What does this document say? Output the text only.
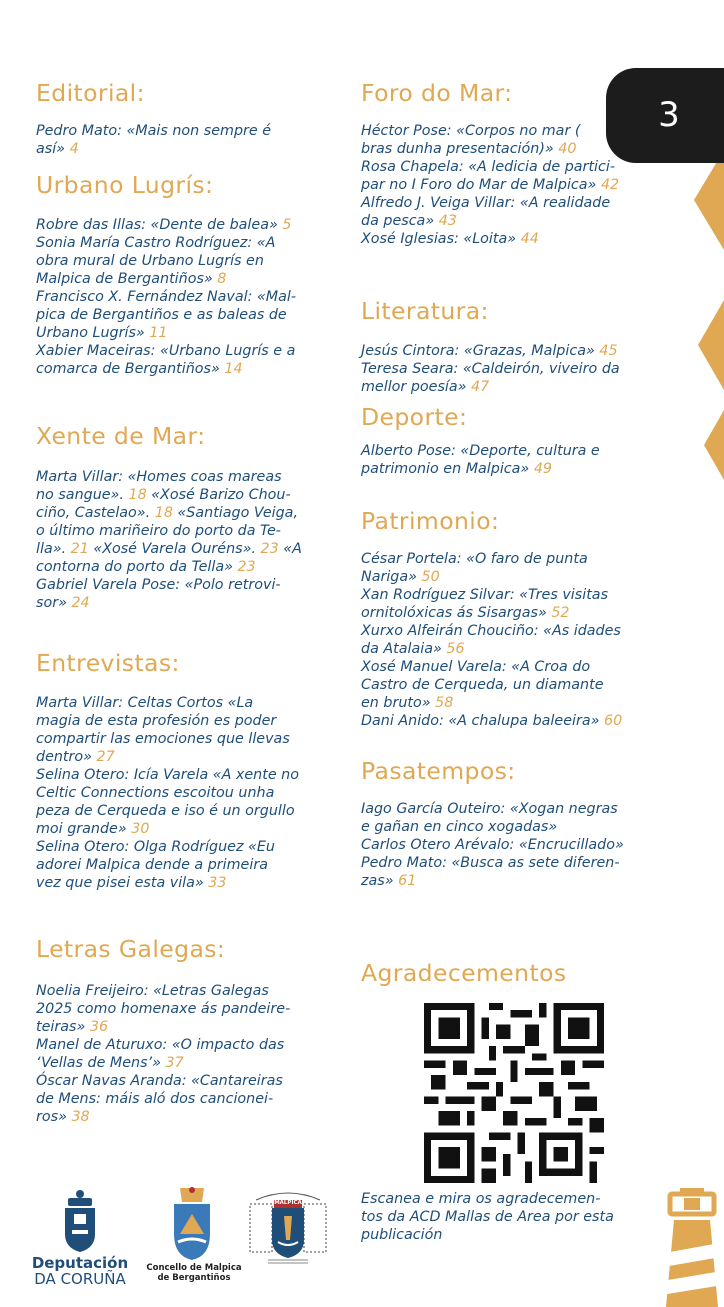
3
Editorial:

Pedro Mato: «Mais non sempre é
así» 4

Urbano Lugrís:

Robre das Illas: «Dente de balea» 5

Sonia María Castro Rodríguez: «A
obra mural de Urbano Lugrís en
Malpica de Bergantiños» 8

Francisco X. Fernández Naval: «Mal-
pica de Bergantiños e as baleas de
Urbano Lugrís» 11

Xabier Maceiras: «Urbano Lugrís e a
comarca de Bergantiños» 14

Xente de Mar:

Marta Villar: «Homes coas mareas

no sangue». 18 «Xosé Barizo Chou-

ciño, Castelao». 18 «Santiago Veiga,

o último mariñeiro do porto da Te-

lla». 21 «Xosé Varela Ouréns». 23 «A

contorna do porto da Tella» 23

Gabriel Varela Pose: «Polo retrovi-

sor» 24

Entrevistas:

Marta Villar: Celtas Cortos «La
magia de esta profesión es poder
compartir las emociones que llevas
dentro» 27

Selina Otero: Icía Varela «A xente no
Celtic Connections escoitou unha
peza de Cerqueda e iso é un orgullo
moi grande» 30

Selina Otero: Olga Rodríguez «Eu
adorei Malpica dende a primeira
vez que pisei esta vila» 33

Letras Galegas:

Noelia Freijeiro: «Letras Galegas
2025 como homenaxe ás pandeire-
teiras» 36

Manel de Aturuxo: «O impacto das
‘Vellas de Mens’» 37

Óscar Navas Aranda: «Cantareiras
de Mens: máis aló dos cancionei-
ros» 38

Foro do Mar:

Héctor Pose: «Corpos no mar (
bras dunha presentación)» 40

Rosa Chapela: «A ledicia de partici-
par no I Foro do Mar de Malpica» 42

Alfredo J. Veiga Villar: «A realidade
da pesca» 43

Xosé Iglesias: «Loita» 44

Literatura:

Jesús Cintora: «Grazas, Malpica» 45

Teresa Seara: «Caldeirón, viveiro da
mellor poesía» 47

Deporte:

Alberto Pose: «Deporte, cultura e
patrimonio en Malpica» 49

Patrimonio:

César Portela: «O faro de punta
Nariga» 50

Xan Rodríguez Silvar: «Tres visitas
ornitolóxicas ás Sisargas» 52

Xurxo Alfeirán Chouciño: «As idades
da Atalaia» 56

Xosé Manuel Varela: «A Croa do
Castro de Cerqueda, un diamante
en bruto» 58

Dani Anido: «A chalupa baleeira» 60

Pasatempos:

Iago García Outeiro: «Xogan negras
e gañan en cinco xogadas»

Carlos Otero Arévalo: «Encrucillado»

Pedro Mato: «Busca as sete diferen-
zas» 61

Agradecementos

Escanea e mira os agradecemen-
tos da ACD Mallas de Area por esta
publicación

Deputación
DA CORUÑA
Concello de Malpica
de Bergantiños
MALPICA
